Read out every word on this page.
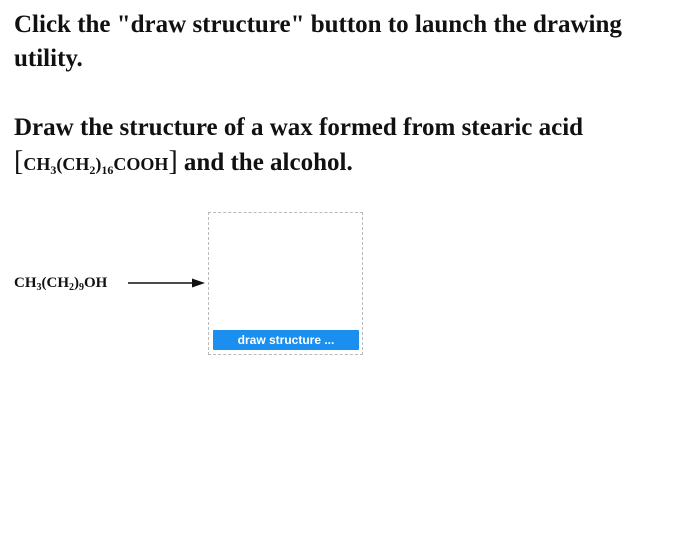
Click the "draw structure" button to launch the drawing utility.

Draw the structure of a wax formed from stearic acid
$[CH_3(CH_2)_{16}COOH]$ and the alcohol.

$CH_3(CH_2)_9OH$
draw structure ...
